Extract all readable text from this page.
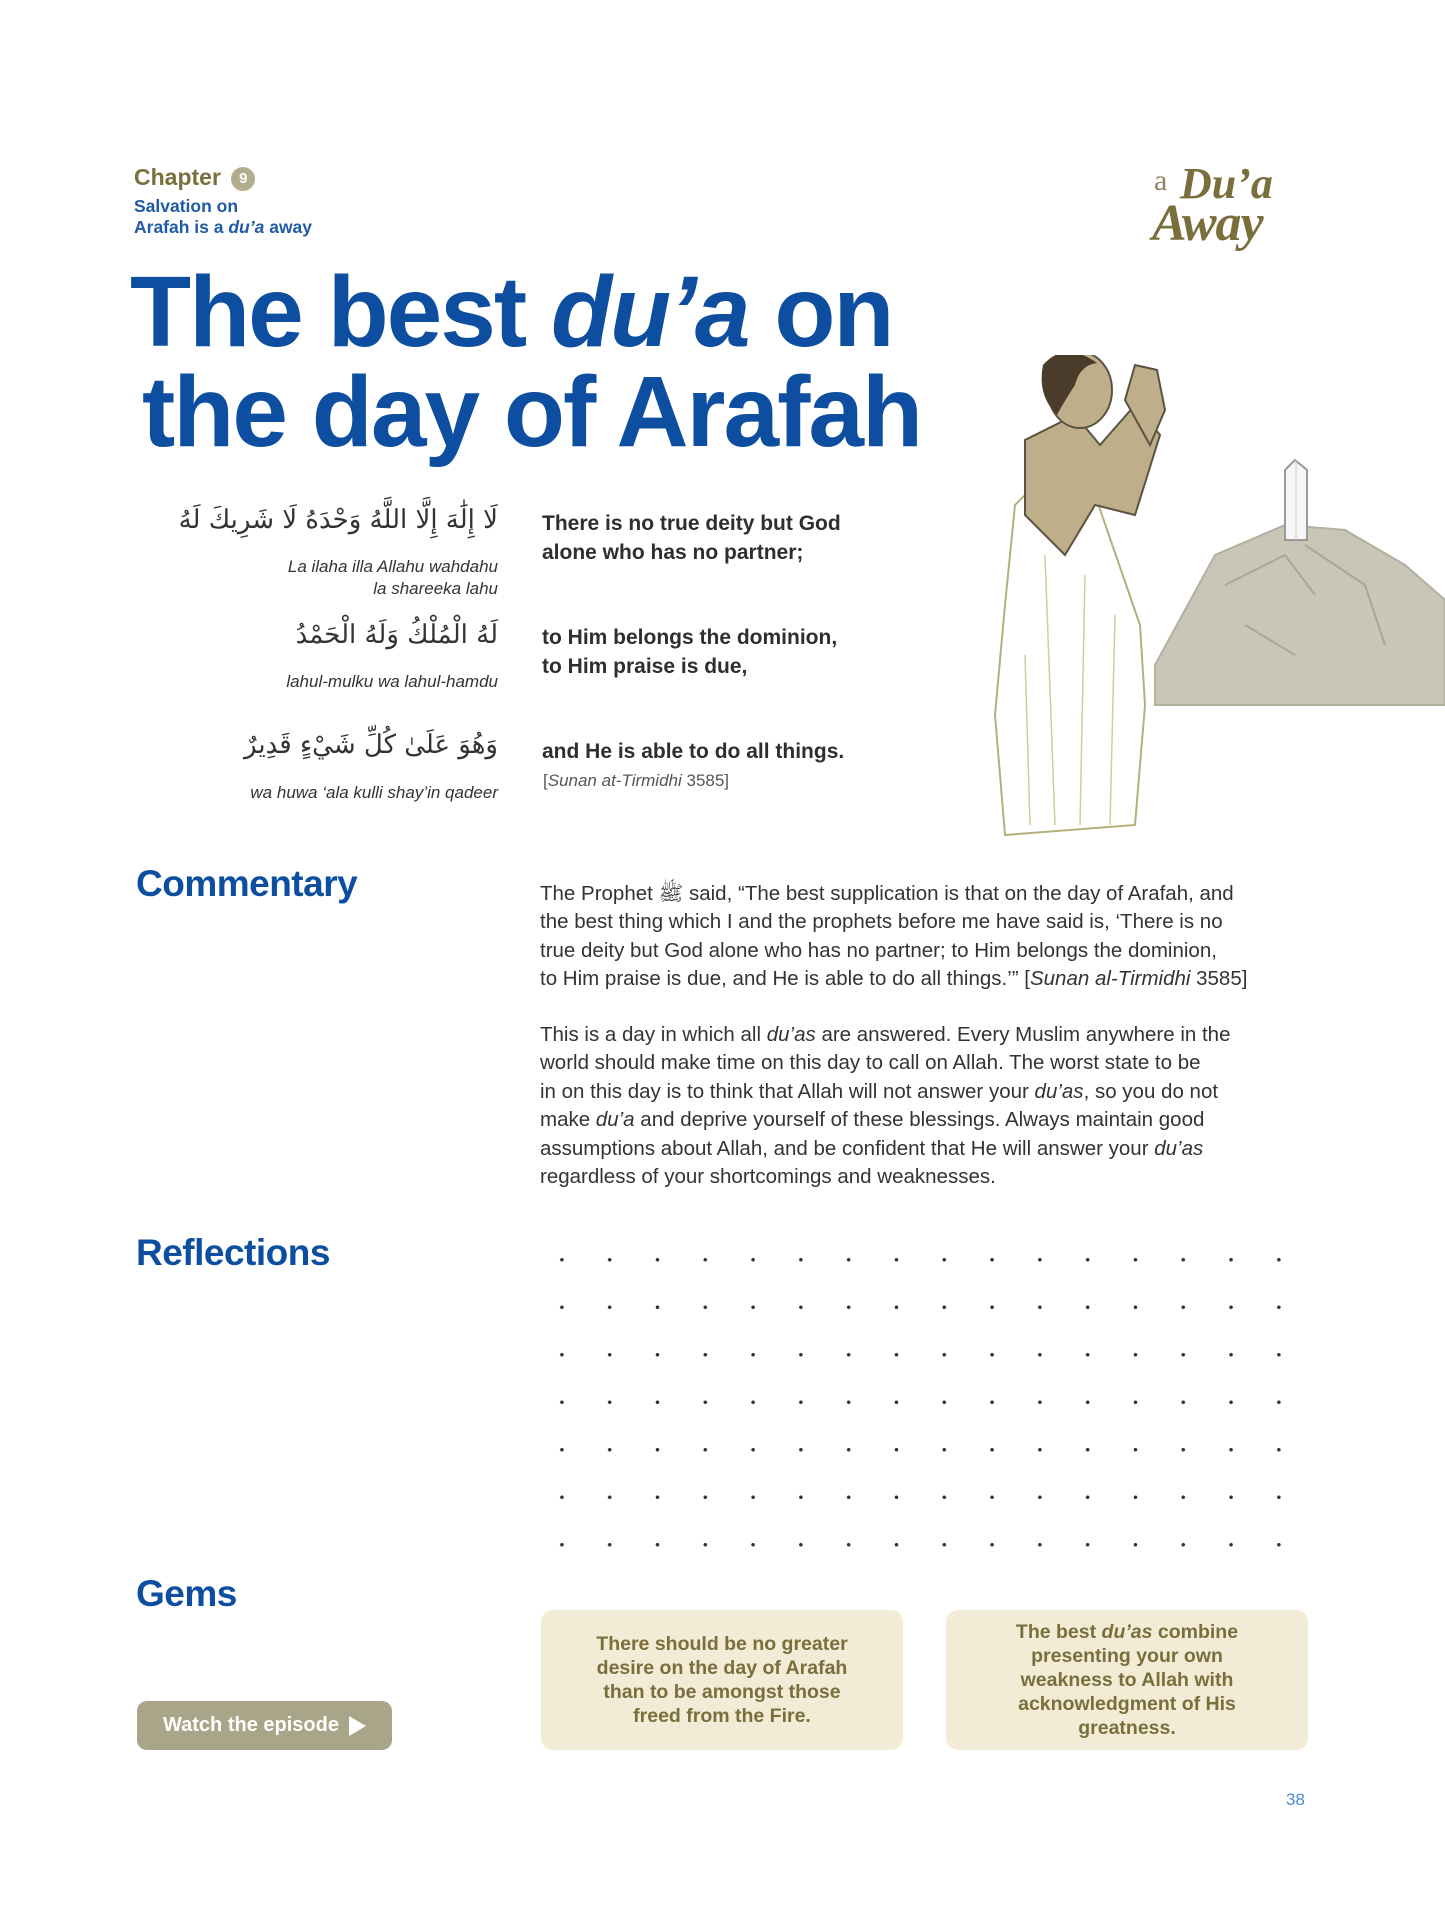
Chapter 9
Salvation on
Arafah is a du’a away
a Du’a
Away
The best du’a on
the day of Arafah
لَا إِلَٰهَ إِلَّا اللَّهُ وَحْدَهُ لَا شَرِيكَ لَهُ
La ilaha illa Allahu wahdahu
la shareeka lahu
There is no true deity but God
alone who has no partner;
لَهُ الْمُلْكُ وَلَهُ الْحَمْدُ
lahul-mulku wa lahul-hamdu
to Him belongs the dominion,
to Him praise is due,
وَهُوَ عَلَىٰ كُلِّ شَيْءٍ قَدِيرٌ
wa huwa ‘ala kulli shay’in qadeer
and He is able to do all things.
[Sunan at-Tirmidhi 3585]
Commentary	The Prophet ﷺ said, “The best supplication is that on the day of Arafah, and
the best thing which I and the prophets before me have said is, ‘There is no
true deity but God alone who has no partner; to Him belongs the dominion,
to Him praise is due, and He is able to do all things.’” [Sunan al-Tirmidhi 3585]
This is a day in which all du’as are answered. Every Muslim anywhere in the
world should make time on this day to call on Allah. The worst state to be
in on this day is to think that Allah will not answer your du’as, so you do not
make du’a and deprive yourself of these blessings. Always maintain good
assumptions about Allah, and be confident that He will answer your du’as
regardless of your shortcomings and weaknesses.
Reflections
Gems
There should be no greater desire on the day of Arafah than to be amongst those freed from the Fire.
The best du’as combine presenting your own weakness to Allah with acknowledgment of His greatness.
Watch the episode
38
